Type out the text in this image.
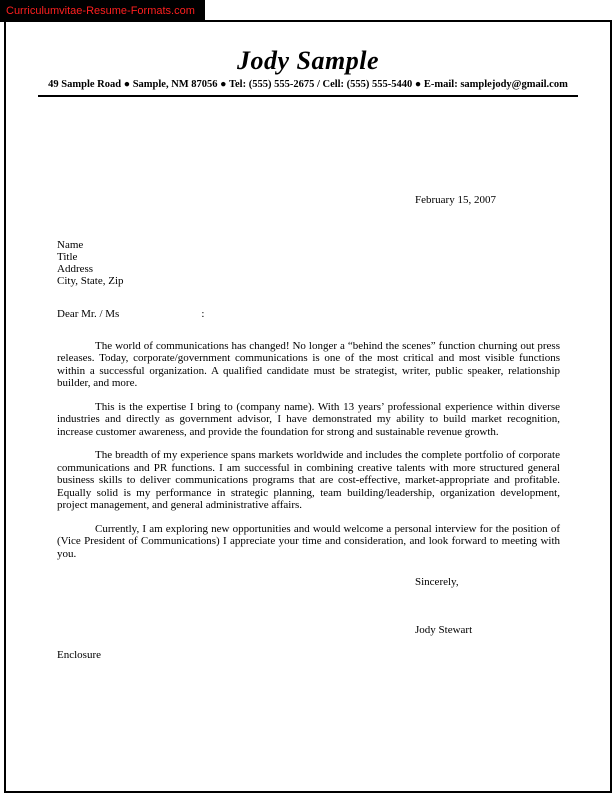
Curriculumvitae-Resume-Formats.com
Jody Sample
49 Sample Road ● Sample, NM 87056 ● Tel: (555) 555-2675 / Cell: (555) 555-5440 ● E-mail: samplejody@gmail.com
February 15, 2007
Name
Title
Address
City, State, Zip
Dear Mr. / Ms	:

The world of communications has changed! No longer a “behind the scenes” function churning out press releases. Today, corporate/government communications is one of the most critical and most visible functions within a successful organization. A qualified candidate must be strategist, writer, public speaker, relationship builder, and more.

This is the expertise I bring to (company name). With 13 years’ professional experience within diverse industries and directly as government advisor, I have demonstrated my ability to build market recognition, increase customer awareness, and provide the foundation for strong and sustainable revenue growth.

The breadth of my experience spans markets worldwide and includes the complete portfolio of corporate communications and PR functions. I am successful in combining creative talents with more structured general business skills to deliver communications programs that are cost-effective, market-appropriate and profitable. Equally solid is my performance in strategic planning, team building/leadership, organization development, project management, and general administrative affairs.

Currently, I am exploring new opportunities and would welcome a personal interview for the position of (Vice President of Communications) I appreciate your time and consideration, and look forward to meeting with you.

Sincerely,
Jody Stewart
Enclosure
